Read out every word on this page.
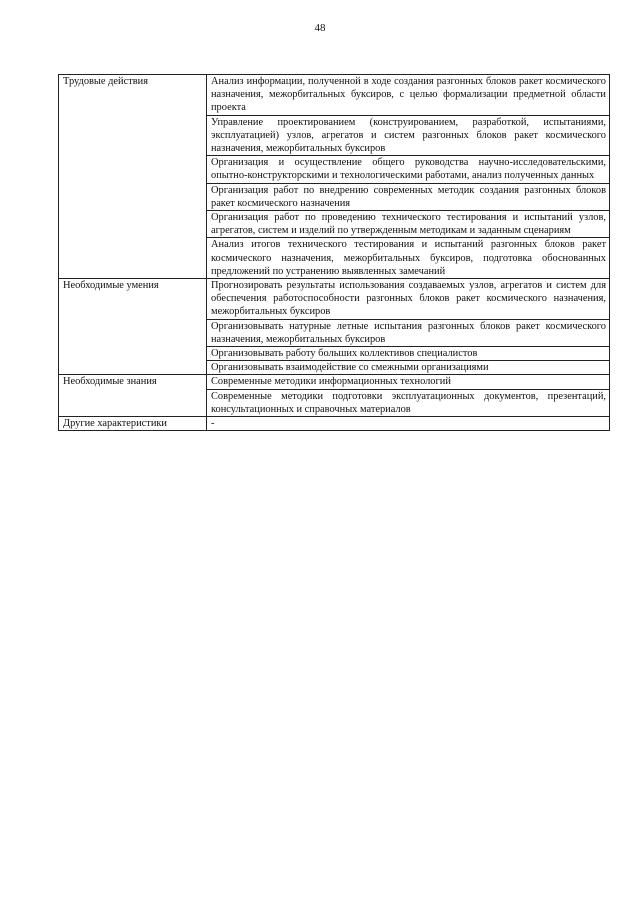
48
Трудовые действия	Анализ информации, полученной в ходе создания разгонных блоков ракет космического назначения, межорбитальных буксиров, с целью формализации предметной области проекта

	Управление проектированием (конструированием, разработкой, испытаниями, эксплуатацией) узлов, агрегатов и систем разгонных блоков ракет космического назначения, межорбитальных буксиров

	Организация и осуществление общего руководства научно-исследовательскими, опытно-конструкторскими и технологическими работами, анализ полученных данных

	Организация работ по внедрению современных методик создания разгонных блоков ракет космического назначения

	Организация работ по проведению технического тестирования и испытаний узлов, агрегатов, систем и изделий по утвержденным методикам и заданным сценариям

	Анализ итогов технического тестирования и испытаний разгонных блоков ракет космического назначения, межорбитальных буксиров, подготовка обоснованных предложений по устранению выявленных замечаний

Необходимые умения	Прогнозировать результаты использования создаваемых узлов, агрегатов и систем для обеспечения работоспособности разгонных блоков ракет космического назначения, межорбитальных буксиров

	Организовывать натурные летные испытания разгонных блоков ракет космического назначения, межорбитальных буксиров

	Организовывать работу больших коллективов специалистов

	Организовывать взаимодействие со смежными организациями

Необходимые знания	Современные методики информационных технологий

	Современные методики подготовки эксплуатационных документов, презентаций, консультационных и справочных материалов

Другие характеристики	-
